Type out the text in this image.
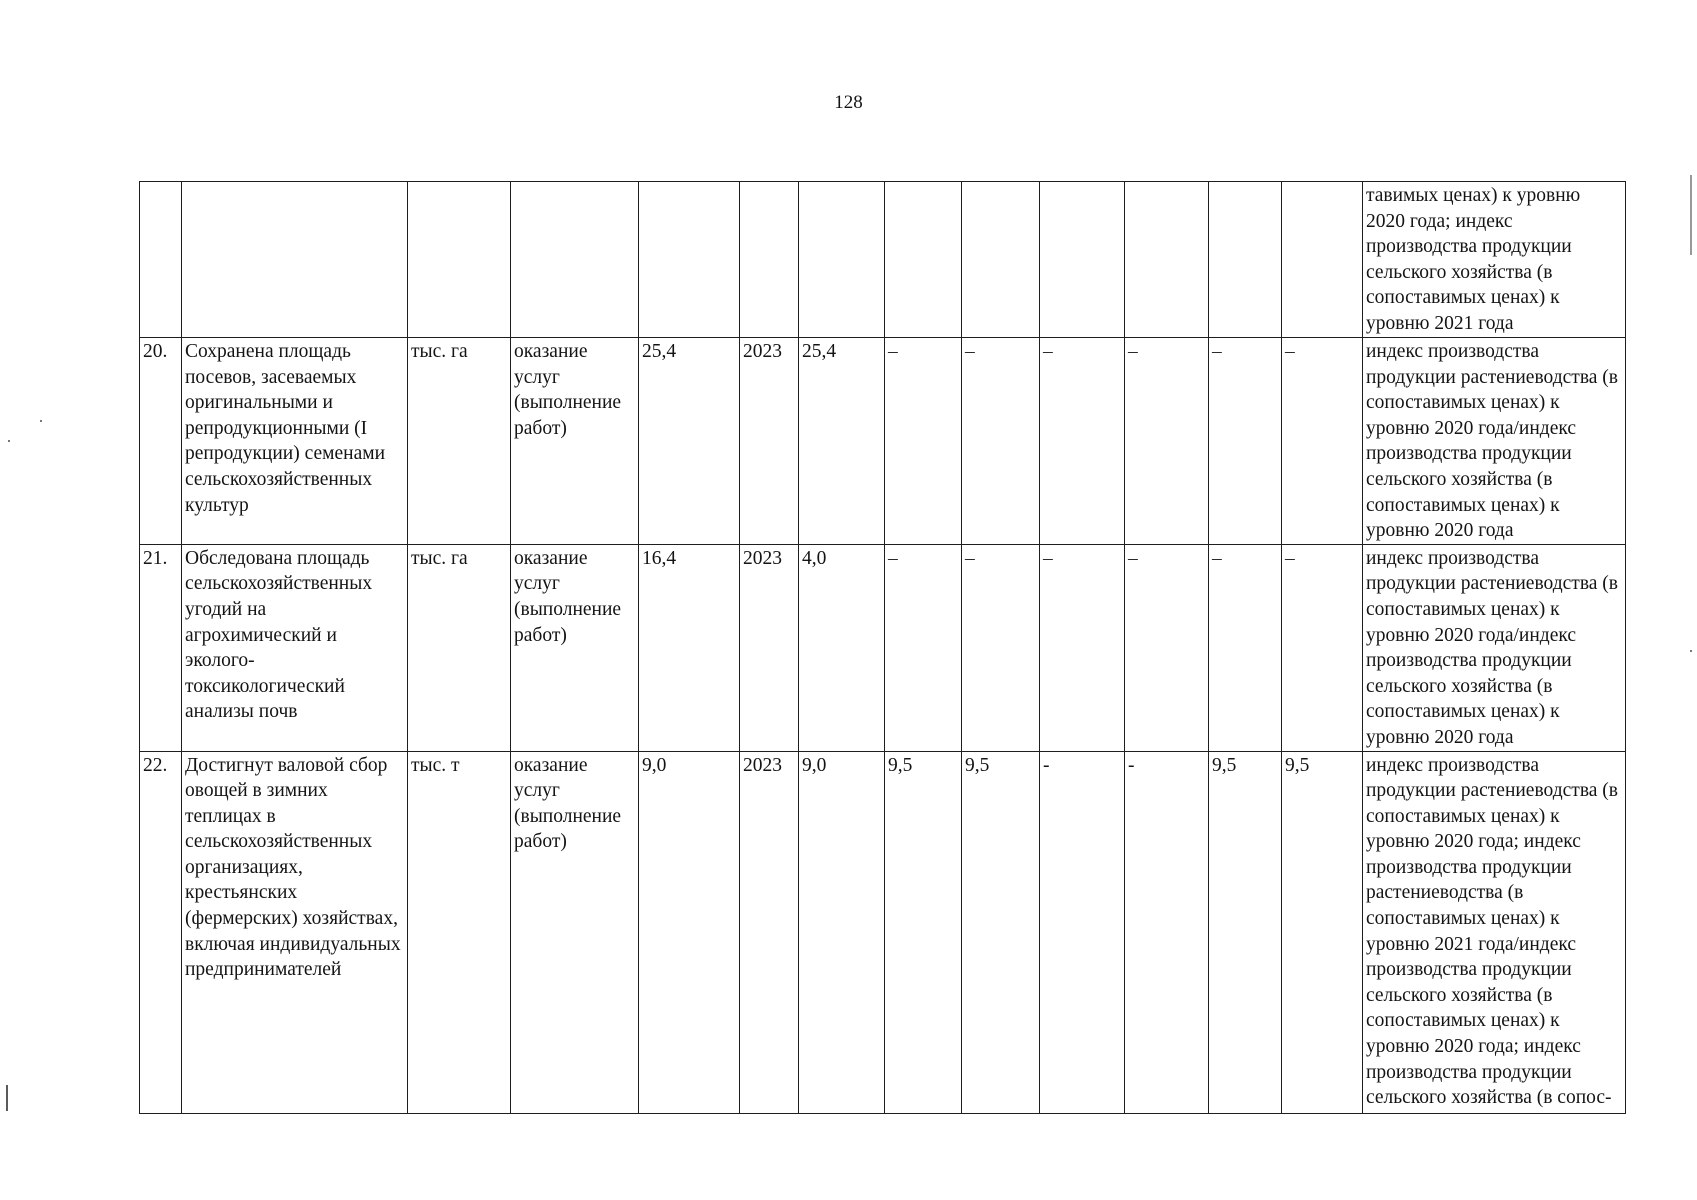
128
													тавимых ценах) к уровню 2020 года; индекс производства продукции сельского хозяйства (в сопоставимых ценах) к уровню 2021 года
20.	Сохранена площадь посевов, засеваемых оригинальными и репродукционными (I репродукции) семенами сельскохозяйственных культур	тыс. га	оказание услуг (выполнение работ)	25,4	2023	25,4	–	–	–	–	–	–	индекс производства продукции растениеводства (в сопоставимых ценах) к уровню 2020 года/индекс производства продукции сельского хозяйства (в сопоставимых ценах) к уровню 2020 года
21.	Обследована площадь сельскохозяйственных угодий на агрохимический и эколого-токсикологический анализы почв	тыс. га	оказание услуг (выполнение работ)	16,4	2023	4,0	–	–	–	–	–	–	индекс производства продукции растениеводства (в сопоставимых ценах) к уровню 2020 года/индекс производства продукции сельского хозяйства (в сопоставимых ценах) к уровню 2020 года
22.	Достигнут валовой сбор овощей в зимних теплицах в сельскохозяйственных организациях, крестьянских (фермерских) хозяйствах, включая индивидуальных предпринимателей	тыс. т	оказание услуг (выполнение работ)	9,0	2023	9,0	9,5	9,5	-	-	9,5	9,5	индекс производства продукции растениеводства (в сопоставимых ценах) к уровню 2020 года; индекс производства продукции растениеводства (в сопоставимых ценах) к уровню 2021 года/индекс производства продукции сельского хозяйства (в сопоставимых ценах) к уровню 2020 года; индекс производства продукции сельского хозяйства (в сопос-
